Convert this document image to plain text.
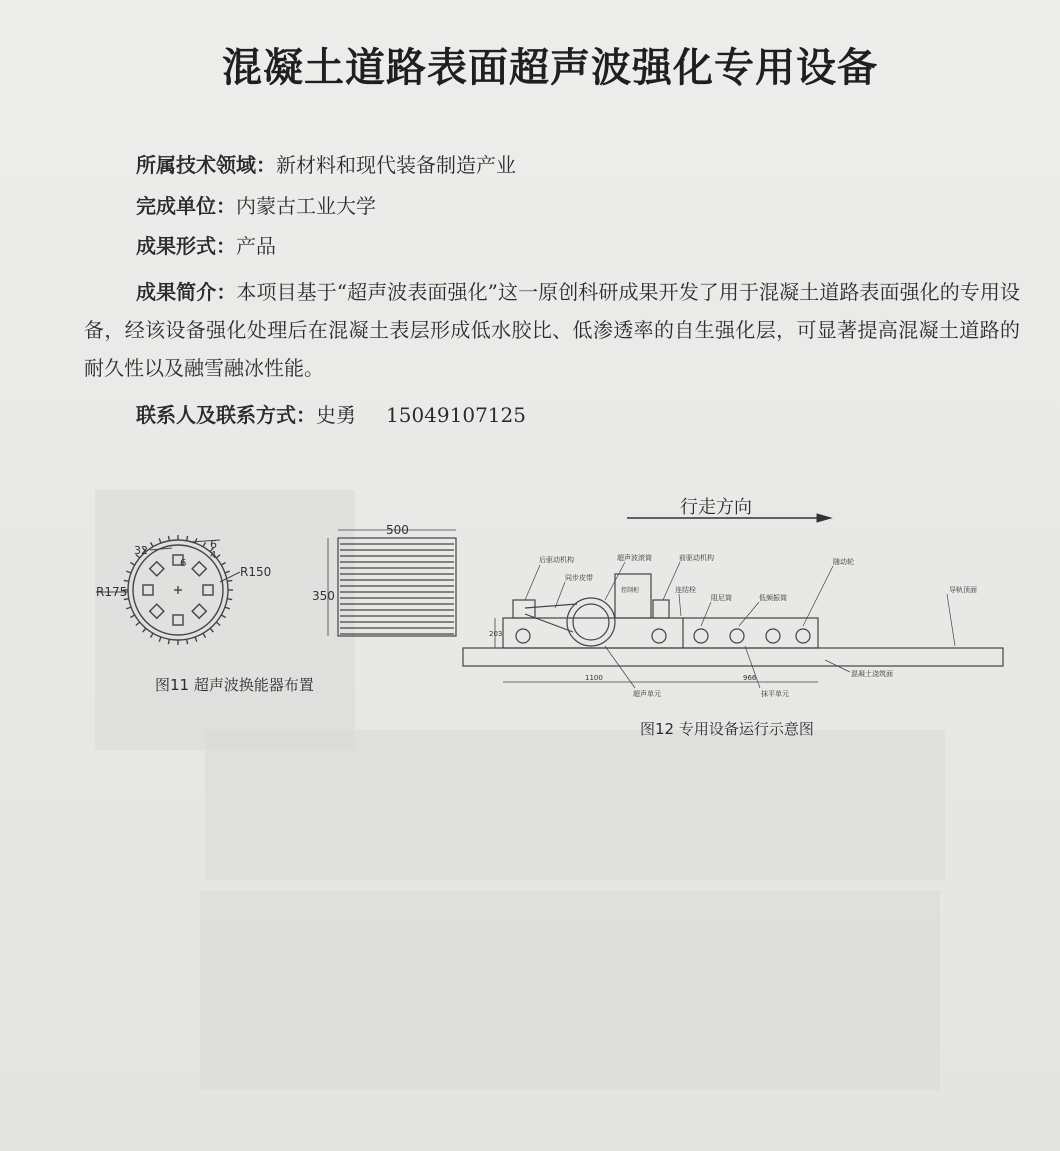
混凝土道路表面超声波强化专用设备
所属技术领域：新材料和现代装备制造产业
完成单位：内蒙古工业大学
成果形式：产品
成果简介：本项目基于“超声波表面强化”这一原创科研成果开发了用于混凝土道路表面强化的专用设备，经该设备强化处理后在混凝土表层形成低水胶比、低渗透率的自生强化层，可显著提高混凝土道路的耐久性以及融雪融冰性能。
联系人及联系方式：史勇 15049107125
R175
R150
32	6
4
6
500
350
图11 超声波换能器布置
行走方向
后驱动机构
同步皮带
超声波滚筒
控制柜
前驱动机构
连结栓
阻尼筒	低频振筒
随动轮
导轨顶面
混凝土浇筑面
超声单元	抹平单元
203
1100	966
图12 专用设备运行示意图
